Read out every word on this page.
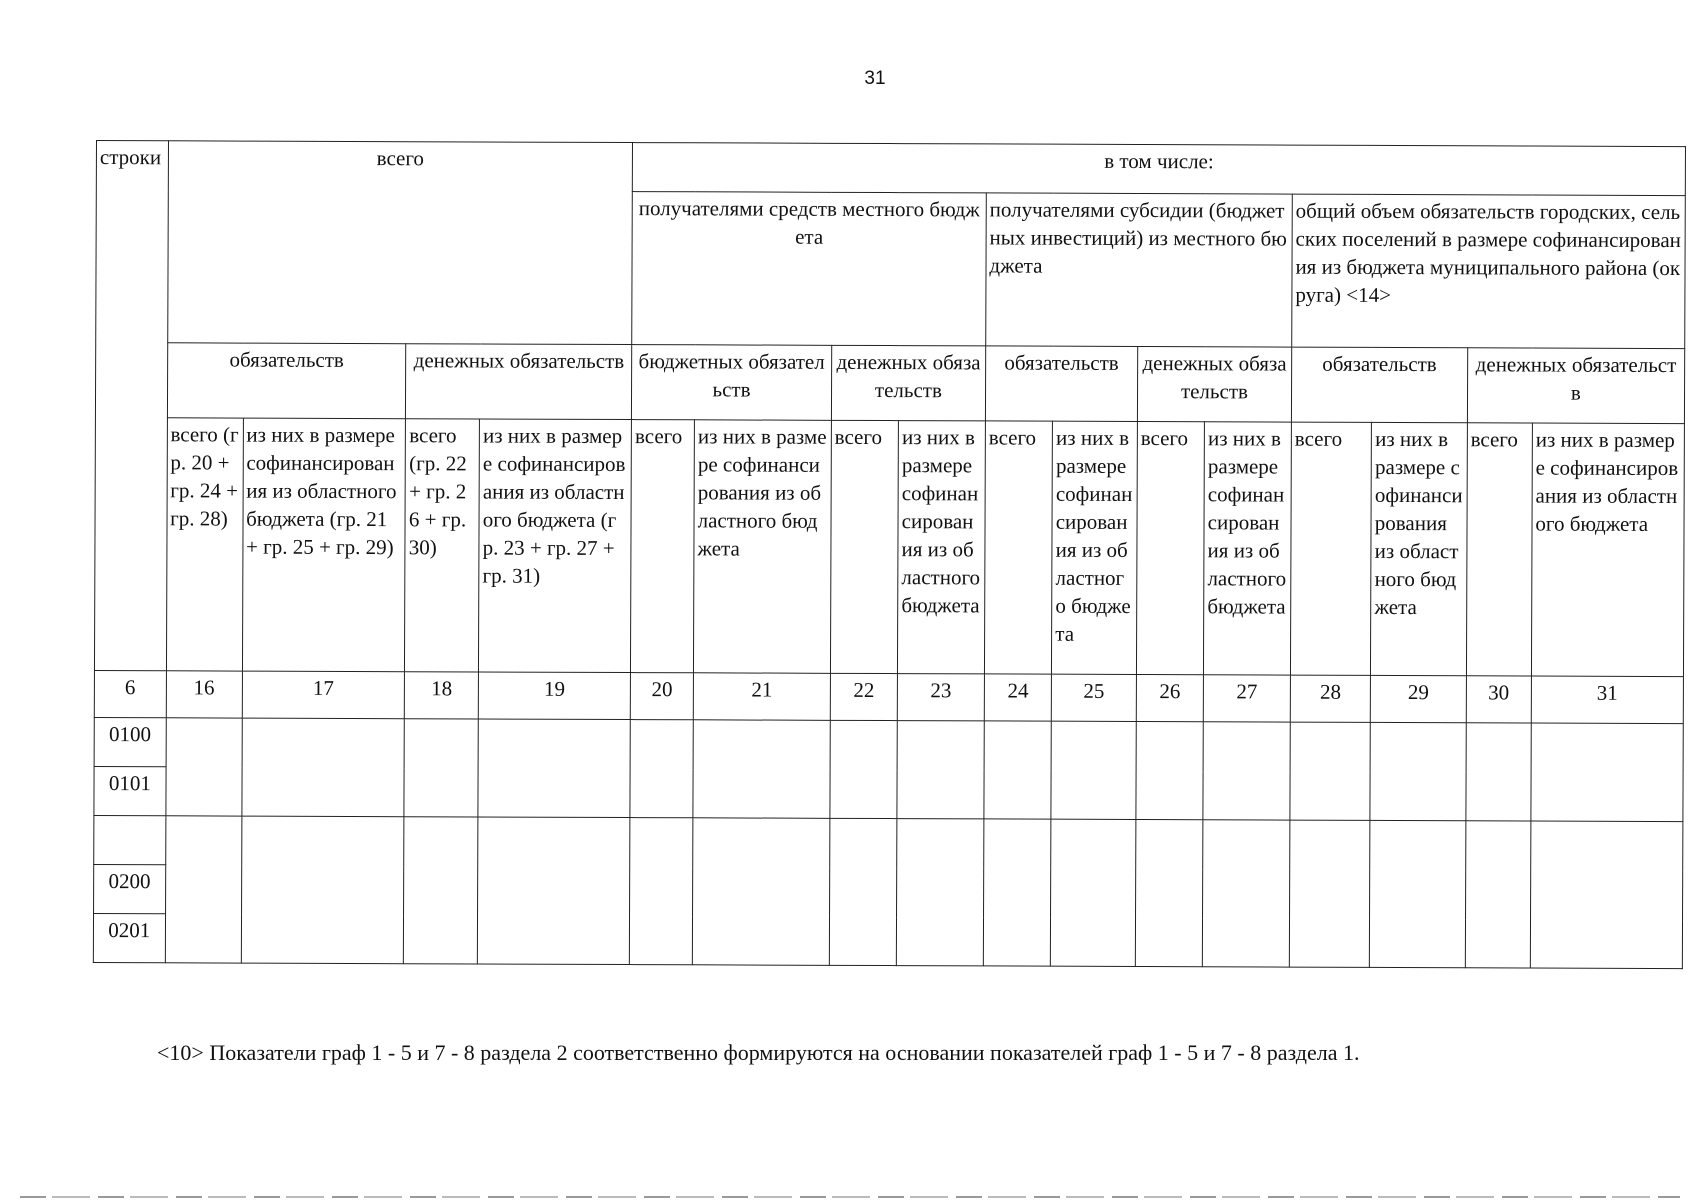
31
строки	всего				в том числе:											
					получателями средств местного бюджета				получателями субсидии (бюджетных инвестиций) из местного бюджета				общий объем обязательств городских, сельских поселений в размере софинансирования из бюджета муниципального района (округа) <14>			
	обязательств		денежных обязательств		бюджетных обязательств		денежных обязательств		обязательств		денежных обязательств		обязательств		денежных обязательств	
	всего (гр. 20 + гр. 24 + гр. 28)	из них в размере софинансирования из областного бюджета (гр. 21 + гр. 25 + гр. 29)	всего (гр. 22 + гр. 26 + гр. 30)	из них в размере софинансирования из областного бюджета (гр. 23 + гр. 27 + гр. 31)	всего	из них в размере софинансирования из областного бюджета	всего	из них в размере софинансирования из областного бюджета	всего	из них в размере софинансирования из областного бюджета	всего	из них в размере софинансирования из областного бюджета	всего	из них в размере софинансирования из областного бюджета	всего	из них в размере софинансирования из областного бюджета
6	16	17	18	19	20	21	22	23	24	25	26	27	28	29	30	31
0100																
0101																

0200																
0201																
<10> Показатели граф 1 - 5 и 7 - 8 раздела 2 соответственно формируются на основании показателей граф 1 - 5 и 7 - 8 раздела 1.
